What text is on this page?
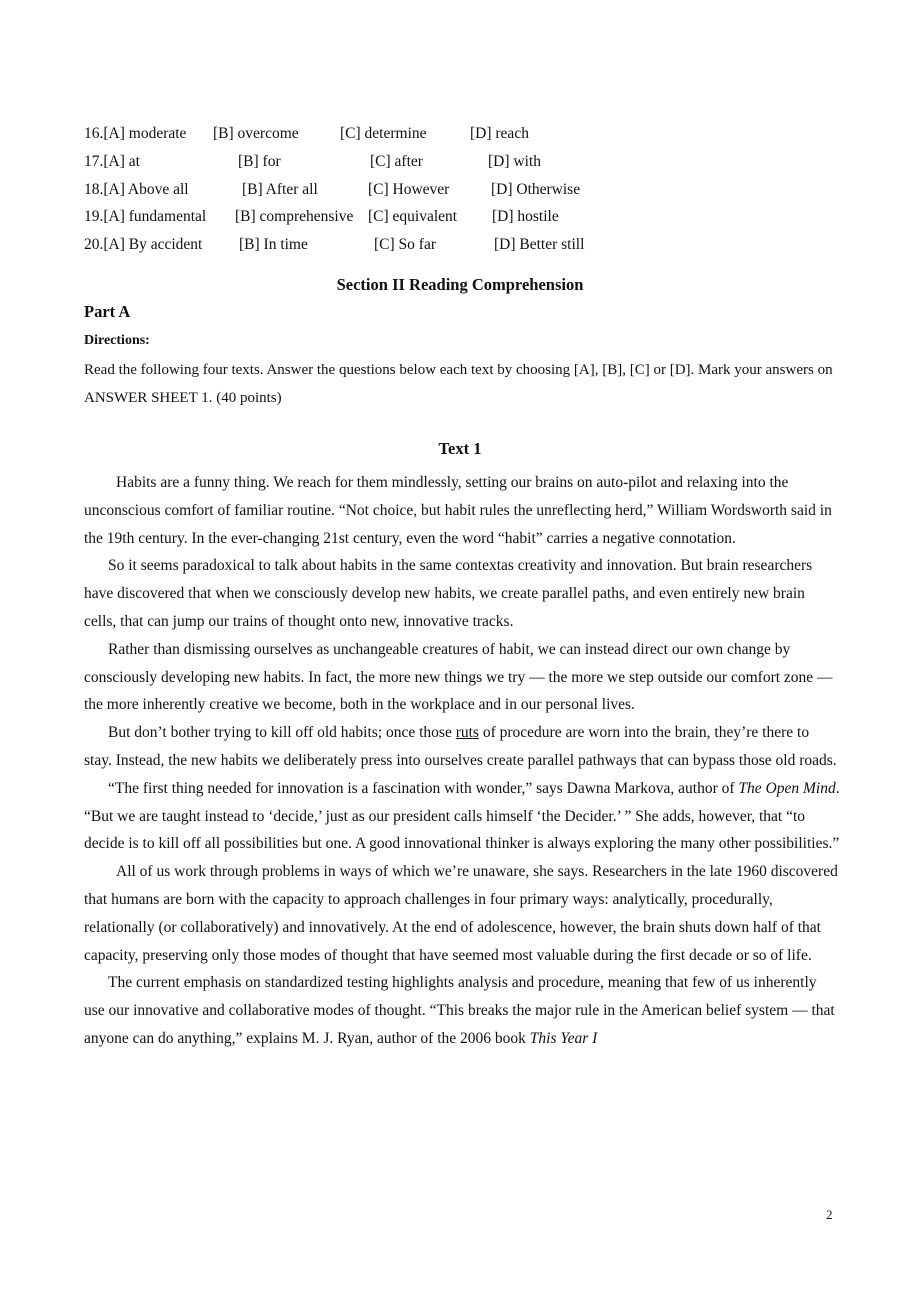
16.[A] moderate [B] overcome	[C] determine	[D] reach
17.[A] at	[B] for	[C] after	[D] with
18.[A] Above all	[B] After all	[C] However	[D] Otherwise
19.[A] fundamental [B] comprehensive [C] equivalent [D] hostile
20.[A] By accident [B] In time	[C] So far	[D] Better still
Section II Reading Comprehension
Part A
Directions:
Read the following four texts. Answer the questions below each text by choosing [A], [B], [C] or [D]. Mark your answers on ANSWER SHEET 1. (40 points)
Text 1

Habits are a funny thing. We reach for them mindlessly, setting our brains on auto-pilot and relaxing into the unconscious comfort of familiar routine. “Not choice, but habit rules the unreflecting herd,” William Wordsworth said in the 19th century. In the ever-changing 21st century, even the word “habit” carries a negative connotation.

So it seems paradoxical to talk about habits in the same contextas creativity and innovation. But brain researchers have discovered that when we consciously develop new habits, we create parallel paths, and even entirely new brain cells, that can jump our trains of thought onto new, innovative tracks.

Rather than dismissing ourselves as unchangeable creatures of habit, we can instead direct our own change by consciously developing new habits. In fact, the more new things we try — the more we step outside our comfort zone — the more inherently creative we become, both in the workplace and in our personal lives.

But don’t bother trying to kill off old habits; once those ruts of procedure are worn into the brain, they’re there to stay. Instead, the new habits we deliberately press into ourselves create parallel pathways that can bypass those old roads.

“The first thing needed for innovation is a fascination with wonder,” says Dawna Markova, author of The Open Mind. “But we are taught instead to ‘decide,’ just as our president calls himself ‘the Decider.’ ” She adds, however, that “to decide is to kill off all possibilities but one. A good innovational thinker is always exploring the many other possibilities.”

All of us work through problems in ways of which we’re unaware, she says. Researchers in the late 1960 discovered that humans are born with the capacity to approach challenges in four primary ways: analytically, procedurally, relationally (or collaboratively) and innovatively. At the end of adolescence, however, the brain shuts down half of that capacity, preserving only those modes of thought that have seemed most valuable during the first decade or so of life.

The current emphasis on standardized testing highlights analysis and procedure, meaning that few of us inherently use our innovative and collaborative modes of thought. “This breaks the major rule in the American belief system — that anyone can do anything,” explains M. J. Ryan, author of the 2006 book This Year I

2
